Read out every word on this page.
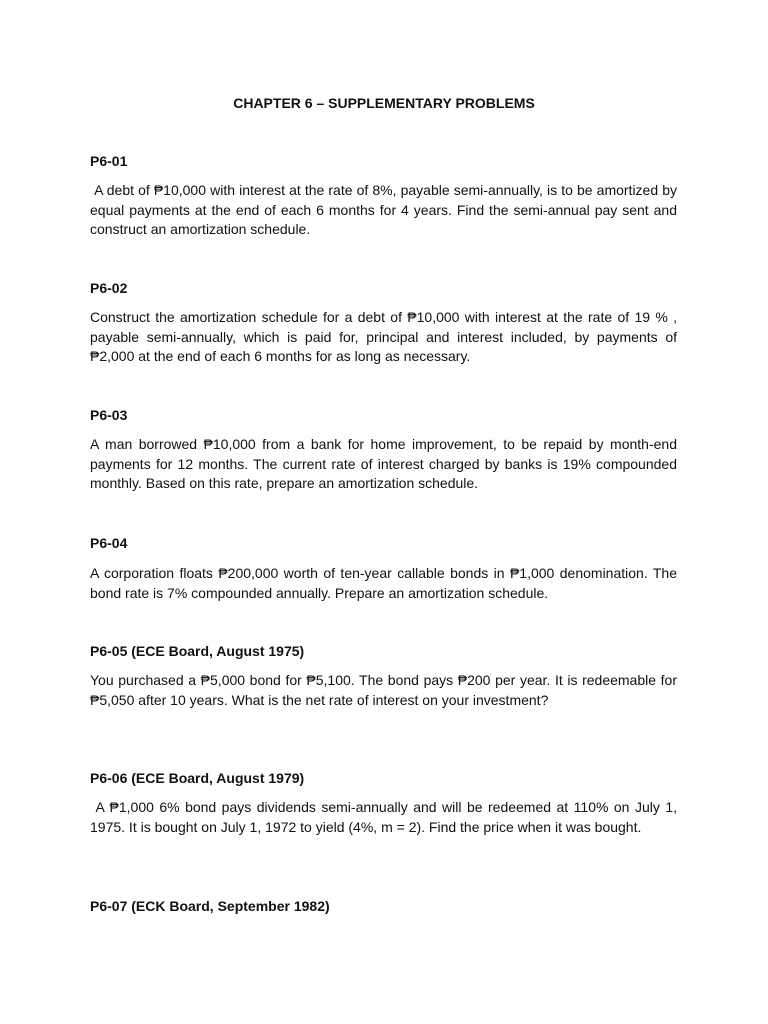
CHAPTER 6 – SUPPLEMENTARY PROBLEMS
P6-01

A debt of ₱10,000 with interest at the rate of 8%, payable semi-annually, is to be amortized by equal payments at the end of each 6 months for 4 years. Find the semi-annual pay sent and construct an amortization schedule.

P6-02

Construct the amortization schedule for a debt of ₱10,000 with interest at the rate of 19 % , payable semi-annually, which is paid for, principal and interest included, by payments of ₱2,000 at the end of each 6 months for as long as necessary.

P6-03

A man borrowed ₱10,000 from a bank for home improvement, to be repaid by month-end payments for 12 months. The current rate of interest charged by banks is 19% compounded monthly. Based on this rate, prepare an amortization schedule.

P6-04

A corporation floats ₱200,000 worth of ten-year callable bonds in ₱1,000 denomination. The bond rate is 7% compounded annually. Prepare an amortization schedule.

P6-05 (ECE Board, August 1975)

You purchased a ₱5,000 bond for ₱5,100. The bond pays ₱200 per year. It is redeemable for ₱5,050 after 10 years. What is the net rate of interest on your investment?

P6-06 (ECE Board, August 1979)

A ₱1,000 6% bond pays dividends semi-annually and will be redeemed at 110% on July 1, 1975. It is bought on July 1, 1972 to yield (4%, m = 2). Find the price when it was bought.

P6-07 (ECK Board, September 1982)
